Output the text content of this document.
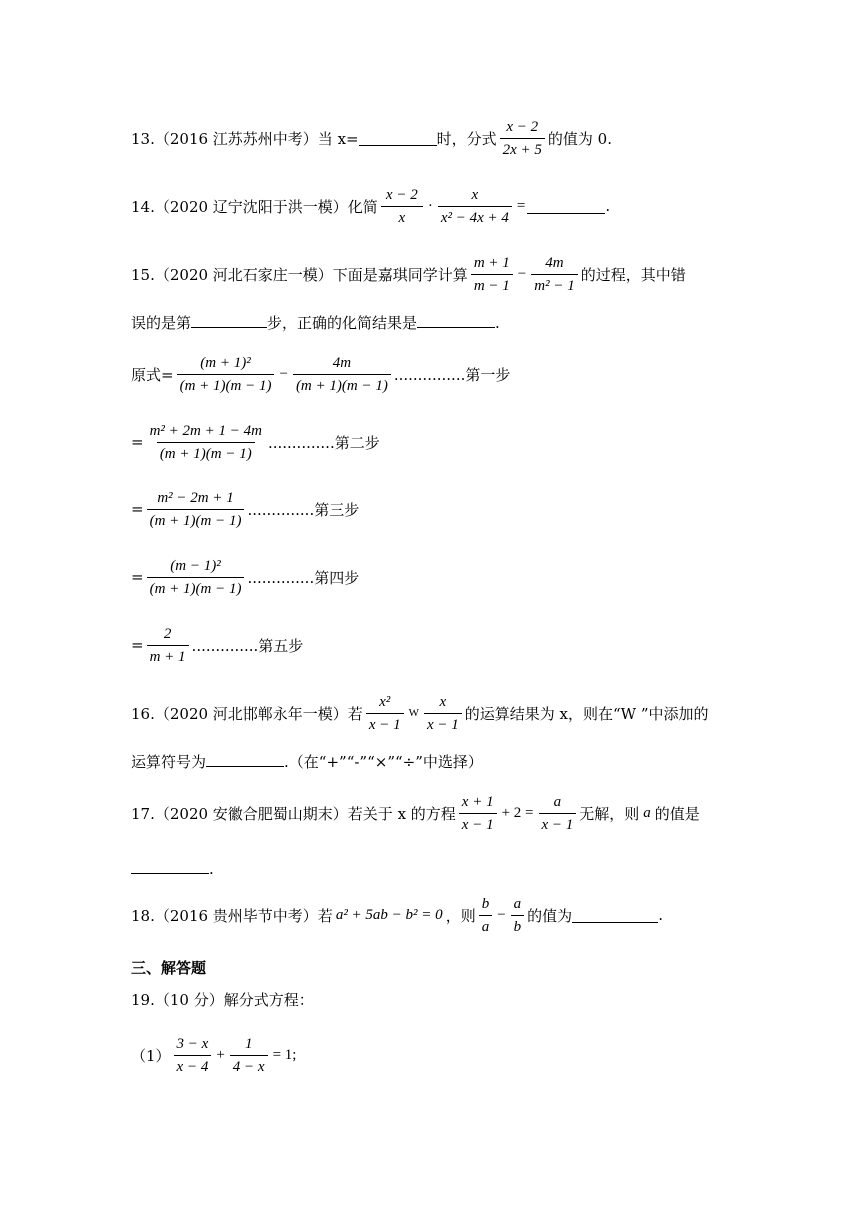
13.（2016 江苏苏州中考）当 x=	时，分式 $\frac{x - 2}{2x + 5}$ 的值为 0.
14.（2020 辽宁沈阳于洪一模）化简 $\frac{x - 2}{x} \cdot \frac{x}{\text{x² − 4x + 4}}$ =	.
15.（2020 河北石家庄一模）下面是嘉琪同学计算 $\frac{m + 1}{m - 1} - \frac{4m}{\text{m² − 1}}$ 的过程，其中错
误的是第	步，正确的化简结果是	.
原式= $\frac{\text{(m + 1)²}}{(m + 1)(m - 1)} - \frac{4m}{(m + 1)(m - 1)}$ ...............第一步
= $\frac{\text{m² + 2m + 1 − 4m}}{(m + 1)(m - 1)}$ ..............第二步
= $\frac{\text{m² − 2m + 1}}{(m + 1)(m - 1)}$ ..............第三步
= $\frac{\text{(m − 1)²}}{(m + 1)(m - 1)}$ ..............第四步
= $\frac{2}{m + 1}$ ..............第五步
16.（2020 河北邯郸永年一模）若 $\frac{\text{x²}}{x - 1}$ W $\frac{x}{x - 1}$ 的运算结果为 x，则在“W ”中添加的
运算符号为	.（在“+”“-”“×”“÷”中选择）
17.（2020 安徽合肥蜀山期末）若关于 x 的方程 $\frac{x + 1}{x - 1} + 2 = \frac{a}{x - 1}$ 无解，则 a 的值是
.
18.（2016 贵州毕节中考）若 a² + 5ab − b² = 0 ，则 $\frac{b}{a} - \frac{a}{b}$ 的值为	.
三、解答题
19.（10 分）解分式方程：
$(1) \frac{3 - x}{x - 4} + \frac{1}{4 - x} = 1$;
